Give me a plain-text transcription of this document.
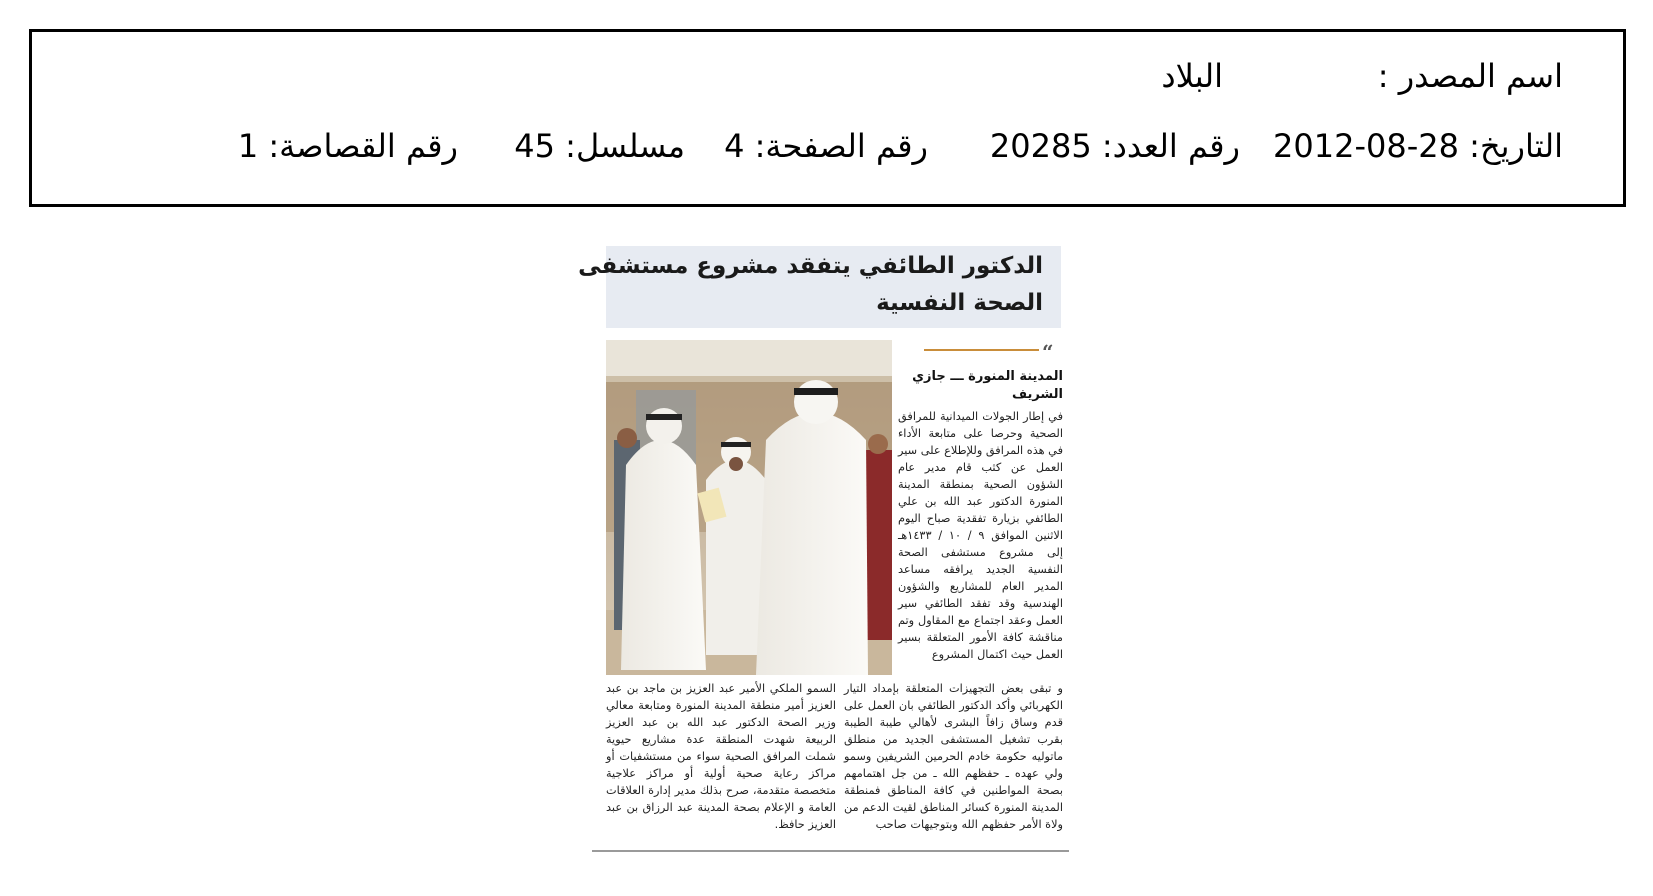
اسم المصدر :
البلاد
التاريخ: 28-08-2012
رقم العدد: 20285
رقم الصفحة: 4
مسلسل: 45
رقم القصاصة: 1
الدكتور الطائفي يتفقد مشروع مستشفى
الصحة النفسية
“
المدينة المنورة ـــ جازي الشريف
في إطار الجولات الميدانية للمرافق الصحية وحرصا على متابعة الأداء في هذه المرافق وللإطلاع على سير العمل عن كثب قام مدير عام الشؤون الصحية بمنطقة المدينة المنورة الدكتور عبد الله بن علي الطائفي بزيارة تفقدية صباح اليوم الاثنين الموافق ٩ / ١٠ / ١٤٣٣هـ إلى مشروع مستشفى الصحة النفسية الجديد يرافقه مساعد المدير العام للمشاريع والشؤون الهندسية وقد تفقد الطائفي سير العمل وعقد اجتماع مع المقاول وتم مناقشة كافة الأمور المتعلقة بسير العمل حيث اكتمال المشروع
و تبقى بعض التجهيزات المتعلقة بإمداد التيار الكهربائي وأكد الدكتور الطائفي بان العمل على قدم وساق زافاً البشرى لأهالي طيبة الطيبة بقرب تشغيل المستشفى الجديد من منطلق ماتوليه حكومة خادم الحرمين الشريفين وسمو ولي عهده ـ حفظهم الله ـ من جل اهتمامهم بصحة المواطنين في كافة المناطق فمنطقة المدينة المنورة كسائر المناطق لقيت الدعم من ولاة الأمر حفظهم الله وبتوجيهات صاحب
السمو الملكي الأمير عبد العزيز بن ماجد بن عبد العزيز أمير منطقة المدينة المنورة ومتابعة معالي وزير الصحة الدكتور عبد الله بن عبد العزيز الربيعة شهدت المنطقة عدة مشاريع حيوية شملت المرافق الصحية سواء من مستشفيات أو مراكز رعاية صحية أولية أو مراكز علاجية متخصصة متقدمة، صرح بذلك مدير إدارة العلاقات العامة و الإعلام بصحة المدينة عبد الرزاق بن عبد العزيز حافظ.
